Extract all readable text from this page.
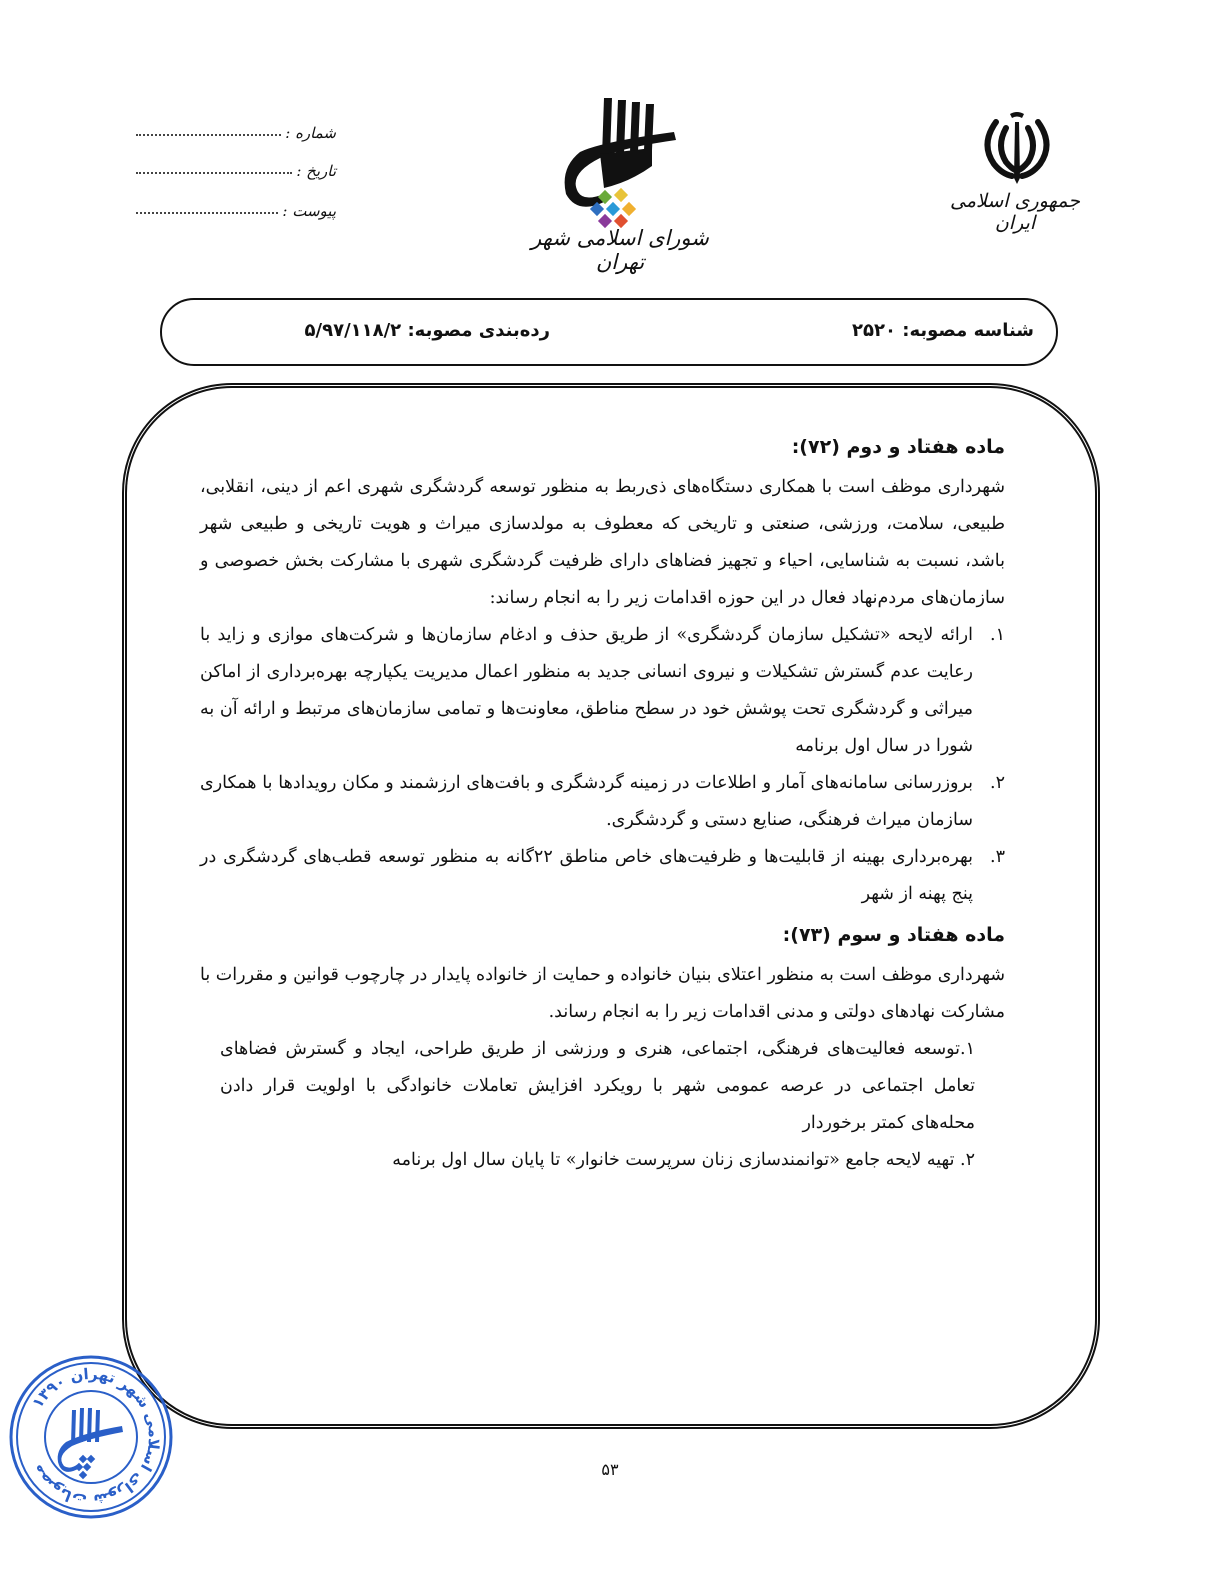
شماره :
تاریخ :
پیوست :
شورای اسلامی شهر تهران
جمهوری اسلامی ایران
شناسه مصوبه: ۲۵۲۰
رده‌بندی مصوبه: ۵/۹۷/۱۱۸/۲
ماده هفتاد و دوم (۷۲):

شهرداری موظف است با همکاری دستگاه‌های ذی‌ربط به منظور توسعه گردشگری شهری اعم از دینی، انقلابی، طبیعی، سلامت، ورزشی، صنعتی و تاریخی که معطوف به مولدسازی میراث و هویت تاریخی و طبیعی شهر باشد، نسبت به شناسایی، احیاء و تجهیز فضاهای دارای ظرفیت گردشگری شهری با مشارکت بخش خصوصی و سازمان‌های مردم‌نهاد فعال در این حوزه اقدامات زیر را به انجام رساند:

۱.
ارائه لایحه «تشکیل سازمان گردشگری» از طریق حذف و ادغام سازمان‌ها و شرکت‌های موازی و زاید با رعایت عدم گسترش تشکیلات و نیروی انسانی جدید به منظور اعمال مدیریت یکپارچه بهره‌برداری از اماکن میراثی و گردشگری تحت پوشش خود در سطح مناطق، معاونت‌ها و تمامی سازمان‌های مرتبط و ارائه آن به شورا در سال اول برنامه
۲.
بروزرسانی سامانه‌های آمار و اطلاعات در زمینه گردشگری و بافت‌های ارزشمند و مکان رویدادها با همکاری سازمان میراث فرهنگی، صنایع دستی و گردشگری.
۳.
بهره‌برداری بهینه از قابلیت‌ها و ظرفیت‌های خاص مناطق ۲۲گانه به منظور توسعه قطب‌های گردشگری در پنج پهنه از شهر
ماده هفتاد و سوم (۷۳):

شهرداری موظف است به منظور اعتلای بنیان خانواده و حمایت از خانواده پایدار در چارچوب قوانین و مقررات با مشارکت نهادهای دولتی و مدنی اقدامات زیر را به انجام رساند.

۱.توسعه فعالیت‌های فرهنگی، اجتماعی، هنری و ورزشی از طریق طراحی، ایجاد و گسترش فضاهای تعامل اجتماعی در عرصه عمومی شهر با رویکرد افزایش تعاملات خانوادگی با اولویت قرار دادن محله‌های کمتر برخوردار
۲. تهیه لایحه جامع «توانمندسازی زنان سرپرست خانوار» تا پایان سال اول برنامه
۵۳
مصوبات شورای اسلامی شهر تهران ۱۳۹۰
